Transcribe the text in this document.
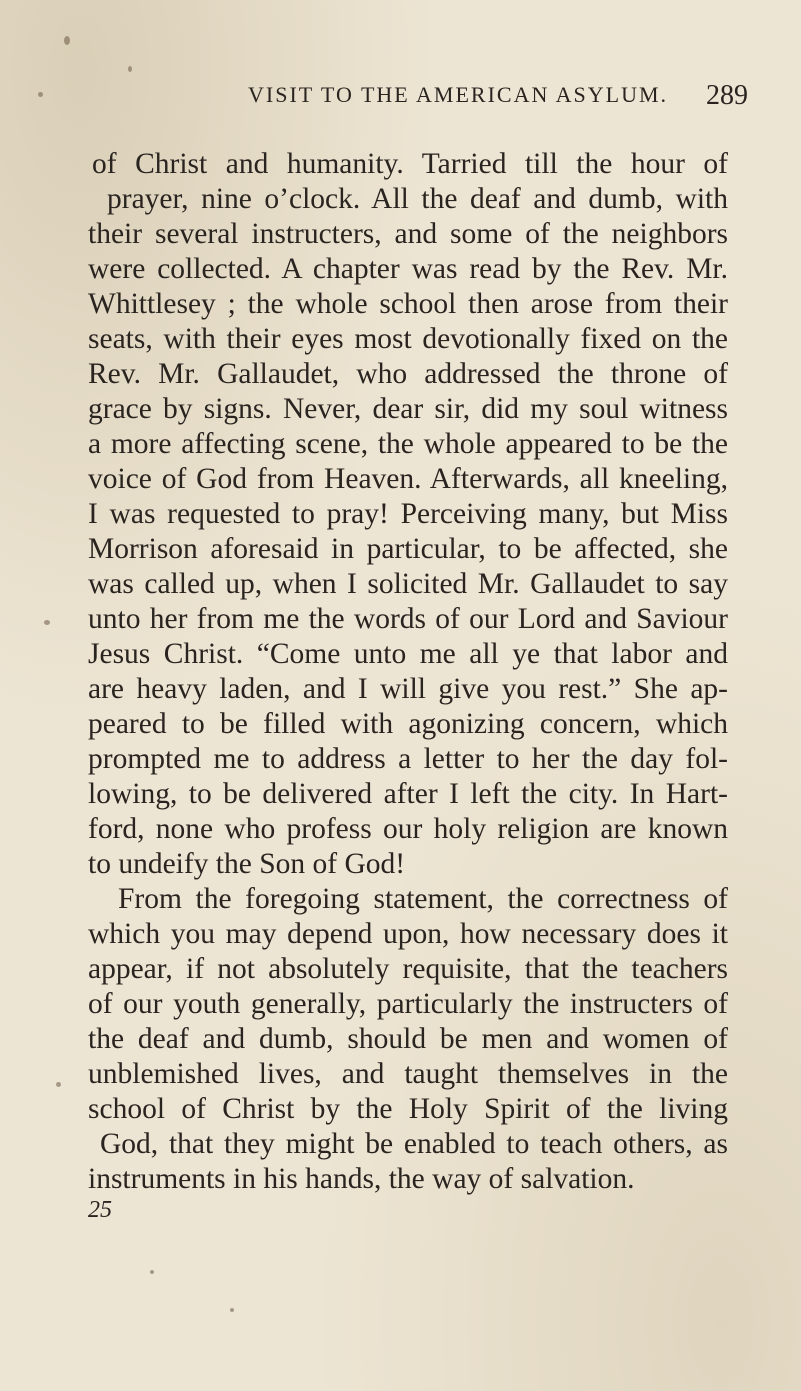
VISIT TO THE AMERICAN ASYLUM. 289
of Christ and humanity. Tarried till the hour of
prayer, nine o’clock. All the deaf and dumb, with
their several instructers, and some of the neighbors
were collected. A chapter was read by the Rev. Mr.
Whittlesey ; the whole school then arose from their
seats, with their eyes most devotionally fixed on the
Rev. Mr. Gallaudet, who addressed the throne of
grace by signs. Never, dear sir, did my soul witness
a more affecting scene, the whole appeared to be the
voice of God from Heaven. Afterwards, all kneeling,
I was requested to pray! Perceiving many, but Miss
Morrison aforesaid in particular, to be affected, she
was called up, when I solicited Mr. Gallaudet to say
unto her from me the words of our Lord and Saviour
Jesus Christ. “Come unto me all ye that labor and
are heavy laden, and I will give you rest.” She ap-
peared to be filled with agonizing concern, which
prompted me to address a letter to her the day fol-
lowing, to be delivered after I left the city. In Hart-
ford, none who profess our holy religion are known
to undeify the Son of God!
From the foregoing statement, the correctness of
which you may depend upon, how necessary does it
appear, if not absolutely requisite, that the teachers
of our youth generally, particularly the instructers of
the deaf and dumb, should be men and women of
unblemished lives, and taught themselves in the
school of Christ by the Holy Spirit of the living
God, that they might be enabled to teach others, as
instruments in his hands, the way of salvation.
25
